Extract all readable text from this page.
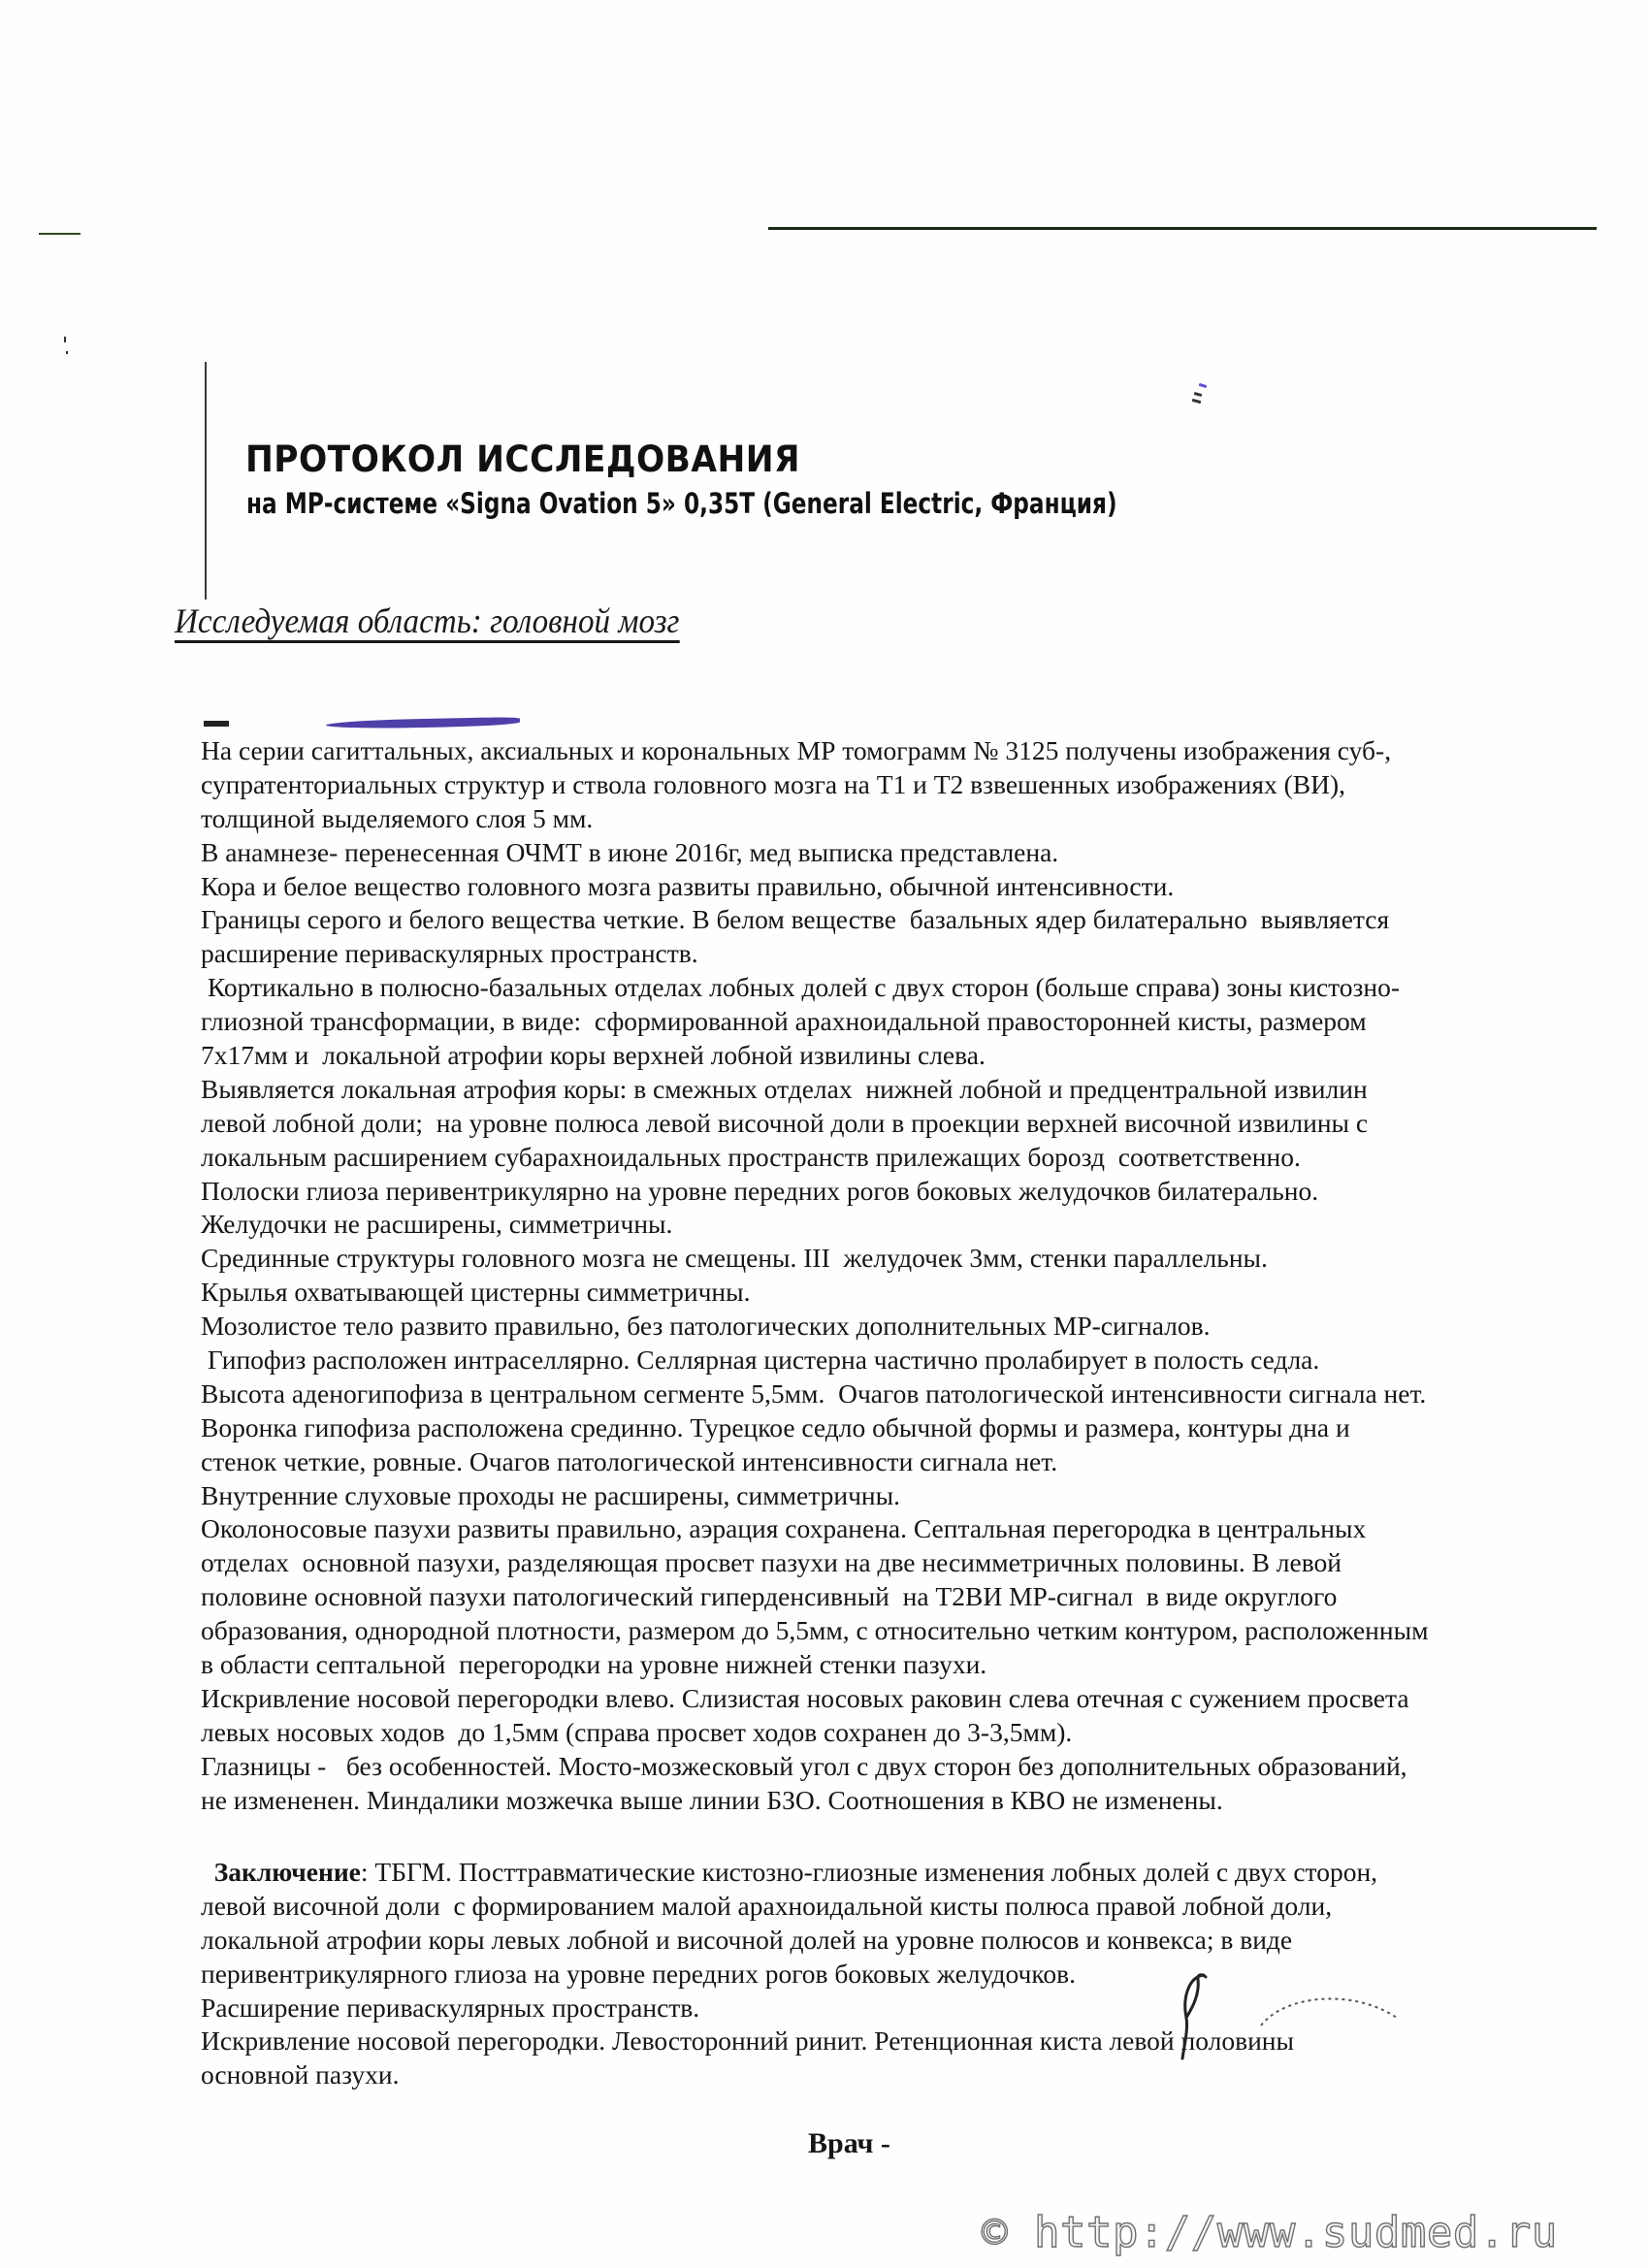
ПРОТОКОЛ ИССЛЕДОВАНИЯ
на МР-системе «Signa Ovation 5» 0,35T (General Electric, Франция)
Исследуемая область: головной мозг
На серии сагиттальных, аксиальных и корональных МР томограмм № 3125 получены изображения суб-,
супратенториальных структур и ствола головного мозга на Т1 и Т2 взвешенных изображениях (ВИ),
толщиной выделяемого слоя 5 мм.
В анамнезе- перенесенная ОЧМТ в июне 2016г, мед выписка представлена.
Кора и белое вещество головного мозга развиты правильно, обычной интенсивности.
Границы серого и белого вещества четкие. В белом веществе  базальных ядер билатерально  выявляется
расширение периваскулярных пространств.
Кортикально в полюсно-базальных отделах лобных долей с двух сторон (больше справа) зоны кистозно-
глиозной трансформации, в виде:  сформированной арахноидальной правосторонней кисты, размером
7х17мм и  локальной атрофии коры верхней лобной извилины слева.
Выявляется локальная атрофия коры: в смежных отделах  нижней лобной и предцентральной извилин
левой лобной доли;  на уровне полюса левой височной доли в проекции верхней височной извилины с
локальным расширением субарахноидальных пространств прилежащих борозд  соответственно.
Полоски глиоза перивентрикулярно на уровне передних рогов боковых желудочков билатерально.
Желудочки не расширены, симметричны.
Срединные структуры головного мозга не смещены. III  желудочек 3мм, стенки параллельны.
Крылья охватывающей цистерны симметричны.
Мозолистое тело развито правильно, без патологических дополнительных МР-сигналов.
Гипофиз расположен интраселлярно. Селлярная цистерна частично пролабирует в полость седла.
Высота аденогипофиза в центральном сегменте 5,5мм.  Очагов патологической интенсивности сигнала нет.
Воронка гипофиза расположена срединно. Турецкое седло обычной формы и размера, контуры дна и
стенок четкие, ровные. Очагов патологической интенсивности сигнала нет.
Внутренние слуховые проходы не расширены, симметричны.
Околоносовые пазухи развиты правильно, аэрация сохранена. Септальная перегородка в центральных
отделах  основной пазухи, разделяющая просвет пазухи на две несимметричных половины. В левой
половине основной пазухи патологический гиперденсивный  на Т2ВИ МР-сигнал  в виде округлого
образования, однородной плотности, размером до 5,5мм, с относительно четким контуром, расположенным
в области септальной  перегородки на уровне нижней стенки пазухи.
Искривление носовой перегородки влево. Слизистая носовых раковин слева отечная с сужением просвета
левых носовых ходов  до 1,5мм (справа просвет ходов сохранен до 3-3,5мм).
Глазницы -   без особенностей. Мосто-мозжесковый угол с двух сторон без дополнительных образований,
не измененен. Миндалики мозжечка выше линии БЗО. Соотношения в КВО не изменены.
Заключение: ТБГМ. Посттравматические кистозно-глиозные изменения лобных долей с двух сторон,
левой височной доли  с формированием малой арахноидальной кисты полюса правой лобной доли,
локальной атрофии коры левых лобной и височной долей на уровне полюсов и конвекса; в виде
перивентрикулярного глиоза на уровне передних рогов боковых желудочков.
Расширение периваскулярных пространств.
Искривление носовой перегородки. Левосторонний ринит. Ретенционная киста левой половины
основной пазухи.
Врач -
© http://www.sudmed.ru
